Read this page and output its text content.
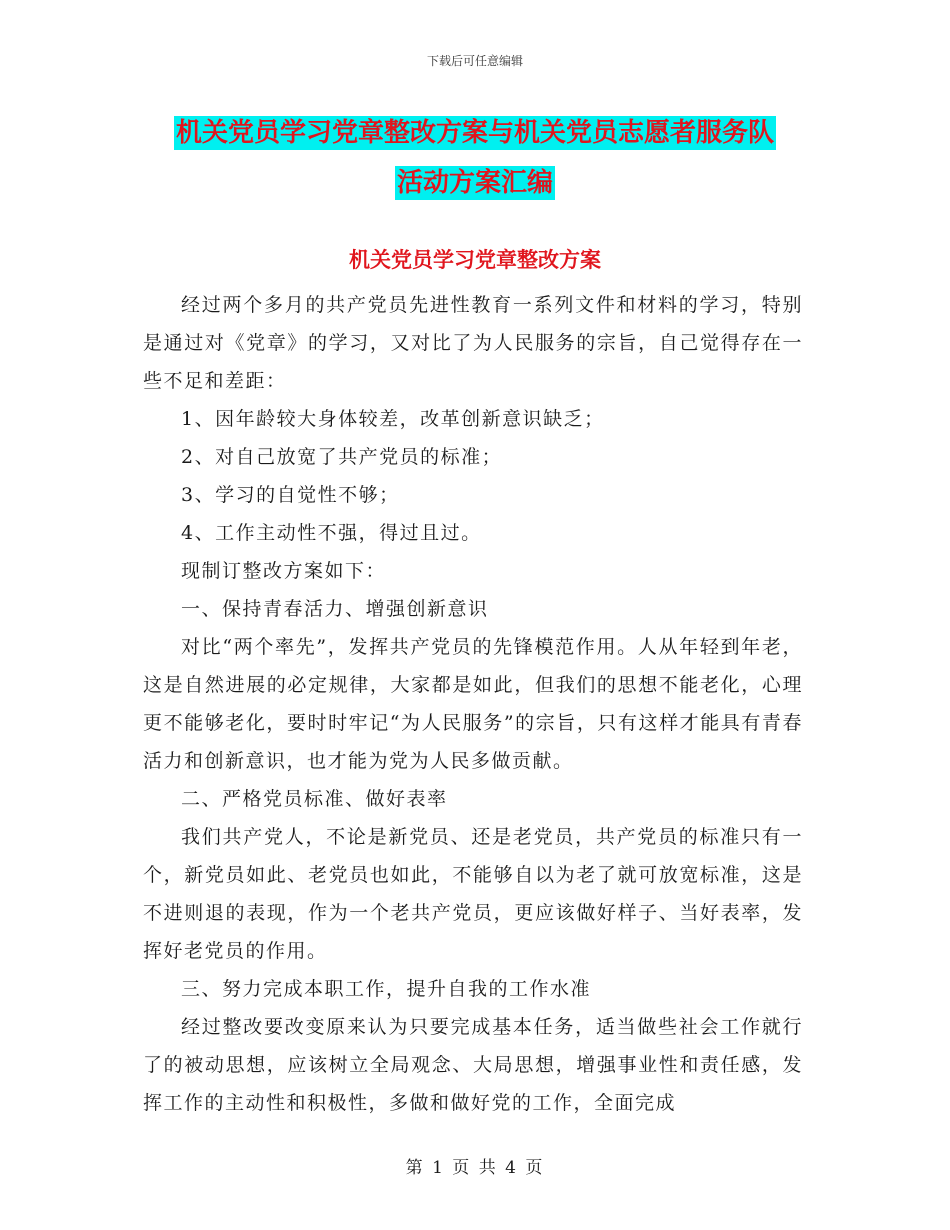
下载后可任意编辑
机关党员学习党章整改方案与机关党员志愿者服务队
活动方案汇编
机关党员学习党章整改方案

经过两个多月的共产党员先进性教育一系列文件和材料的学习，特别是通过对《党章》的学习，又对比了为人民服务的宗旨，自己觉得存在一些不足和差距：

1、因年龄较大身体较差，改革创新意识缺乏；

2、对自己放宽了共产党员的标准；

3、学习的自觉性不够；

4、工作主动性不强，得过且过。

现制订整改方案如下：

一、保持青春活力、增强创新意识

对比“两个率先”，发挥共产党员的先锋模范作用。人从年轻到年老，这是自然进展的必定规律，大家都是如此，但我们的思想不能老化，心理更不能够老化，要时时牢记“为人民服务”的宗旨，只有这样才能具有青春活力和创新意识，也才能为党为人民多做贡献。

二、严格党员标准、做好表率

我们共产党人，不论是新党员、还是老党员，共产党员的标准只有一个，新党员如此、老党员也如此，不能够自以为老了就可放宽标准，这是不进则退的表现，作为一个老共产党员，更应该做好样子、当好表率，发挥好老党员的作用。

三、努力完成本职工作，提升自我的工作水准

经过整改要改变原来认为只要完成基本任务，适当做些社会工作就行了的被动思想，应该树立全局观念、大局思想，增强事业性和责任感，发挥工作的主动性和积极性，多做和做好党的工作，全面完成

第 1 页 共 4 页
